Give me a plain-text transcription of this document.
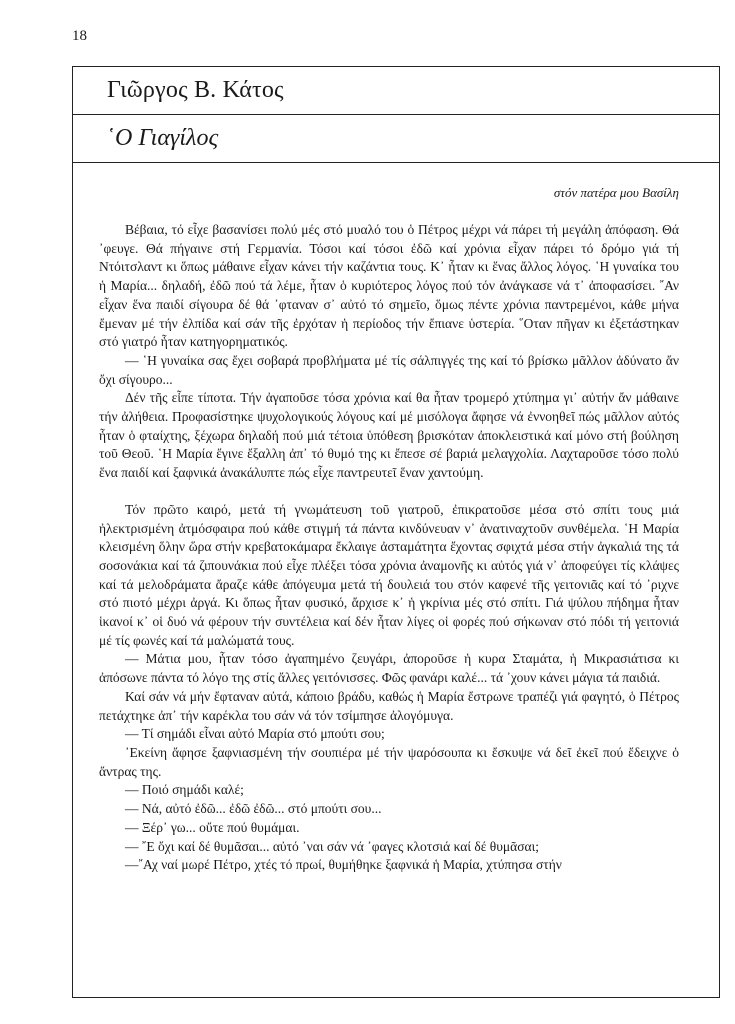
18
Γιῶργος Β. Κάτος
῾Ο Γιαγίλος
στόν πατέρα μου Βασίλη

Βέβαια, τό εἶχε βασανίσει πολύ μές στό μυαλό του ὁ Πέτρος μέχρι νά πάρει τή μεγάλη ἀπόφαση. Θά ᾽φευγε. Θά πήγαινε στή Γερμανία. Τόσοι καί τόσοι ἐδῶ καί χρόνια εἶχαν πάρει τό δρόμο γιά τή Ντόιτσλαντ κι ὅπως μάθαινε εἶχαν κάνει τήν καζάντια τους. Κ᾽ ἦταν κι ἕνας ἄλλος λόγος. ῾Η γυναίκα του ἡ Μαρία... δηλαδή, ἐδῶ πού τά λέμε, ἦταν ὁ κυριότερος λόγος πού τόν ἀνάγκασε νά τ᾽ ἀποφασίσει. ῎Αν εἶχαν ἕνα παιδί σίγουρα δέ θά ᾽φταναν σ᾽ αὐτό τό σημεῖο, ὅμως πέντε χρόνια παντρεμένοι, κάθε μήνα ἔμεναν μέ τήν ἐλπίδα καί σάν τῆς ἐρχόταν ἡ περίοδος τήν ἔπιανε ὑστερία. ῞Οταν πῆγαν κι ἐξετάστηκαν στό γιατρό ἦταν κατηγορηματικός.

— ῾Η γυναίκα σας ἔχει σοβαρά προβλήματα μέ τίς σάλπιγγές της καί τό βρίσκω μᾶλλον ἀδύνατο ἄν ὄχι σίγουρο...

Δέν τῆς εἶπε τίποτα. Τήν ἀγαποῦσε τόσα χρόνια καί θα ἦταν τρομερό χτύπημα γι᾽ αὐτήν ἄν μάθαινε τήν ἀλήθεια. Προφασίστηκε ψυχολογικούς λόγους καί μέ μισόλογα ἄφησε νά ἐννοηθεῖ πώς μᾶλλον αὐτός ἦταν ὁ φταίχτης, ξέχωρα δηλαδή πού μιά τέτοια ὑπόθεση βρισκόταν ἀποκλειστικά καί μόνο στή βούληση τοῦ Θεοῦ. ῾Η Μαρία ἔγινε ἔξαλλη ἀπ᾽ τό θυμό της κι ἔπεσε σέ βαριά μελαγχολία. Λαχταροῦσε τόσο πολύ ἕνα παιδί καί ξαφνικά ἀνακάλυπτε πώς εἶχε παντρευτεῖ ἕναν χαντούμη.

Τόν πρῶτο καιρό, μετά τή γνωμάτευση τοῦ γιατροῦ, ἐπικρατοῦσε μέσα στό σπίτι τους μιά ἠλεκτρισμένη ἀτμόσφαιρα πού κάθε στιγμή τά πάντα κινδύνευαν ν᾽ ἀνατιναχτοῦν συνθέμελα. ῾Η Μαρία κλεισμένη ὅλην ὥρα στήν κρεβατοκάμαρα ἔκλαιγε ἀσταμάτητα ἔχοντας σφιχτά μέσα στήν ἀγκαλιά της τά σοσονάκια καί τά ζιπουνάκια πού εἶχε πλέξει τόσα χρόνια ἀναμονῆς κι αὐτός γιά ν᾽ ἀποφεύγει τίς κλάψες καί τά μελοδράματα ἄραζε κάθε ἀπόγευμα μετά τή δουλειά του στόν καφενέ τῆς γειτονιᾶς καί τό ᾽ριχνε στό πιοτό μέχρι ἀργά. Κι ὅπως ἦταν φυσικό, ἄρχισε κ᾽ ἡ γκρίνια μές στό σπίτι. Γιά ψύλου πήδημα ἦταν ἱκανοί κ᾽ οἱ δυό νά φέρουν τήν συντέλεια καί δέν ἦταν λίγες οἱ φορές πού σήκωναν στό πόδι τή γειτονιά μέ τίς φωνές καί τά μαλώματά τους.

— Μάτια μου, ἦταν τόσο ἀγαπημένο ζευγάρι, ἀποροῦσε ἡ κυρα Σταμάτα, ἡ Μικρασιάτισα κι ἀπόσωνε πάντα τό λόγο της στίς ἄλλες γειτόνισσες. Φῶς φανάρι καλέ... τά ᾽χουν κάνει μάγια τά παιδιά.

Καί σάν νά μήν ἔφταναν αὐτά, κάποιο βράδυ, καθώς ἡ Μαρία ἔστρωνε τραπέζι γιά φαγητό, ὁ Πέτρος πετάχτηκε ἀπ᾽ τήν καρέκλα του σάν νά τόν τσίμπησε ἀλογόμυγα.

— Τί σημάδι εἶναι αὐτό Μαρία στό μπούτι σου;

᾽Εκείνη ἄφησε ξαφνιασμένη τήν σουπιέρα μέ τήν ψαρόσουπα κι ἔσκυψε νά δεῖ ἐκεῖ πού ἔδειχνε ὁ ἄντρας της.

— Ποιό σημάδι καλέ;

— Νά, αὐτό ἐδῶ... ἐδῶ ἐδῶ... στό μπούτι σου...

— Ξέρ᾽ γω... οὔτε πού θυμάμαι.

— ῎Ε ὄχι καί δέ θυμᾶσαι... αὐτό ᾽ναι σάν νά ᾽φαγες κλοτσιά καί δέ θυμᾶσαι;

—῎Αχ ναί μωρέ Πέτρο, χτές τό πρωί, θυμήθηκε ξαφνικά ἡ Μαρία, χτύπησα στήν
